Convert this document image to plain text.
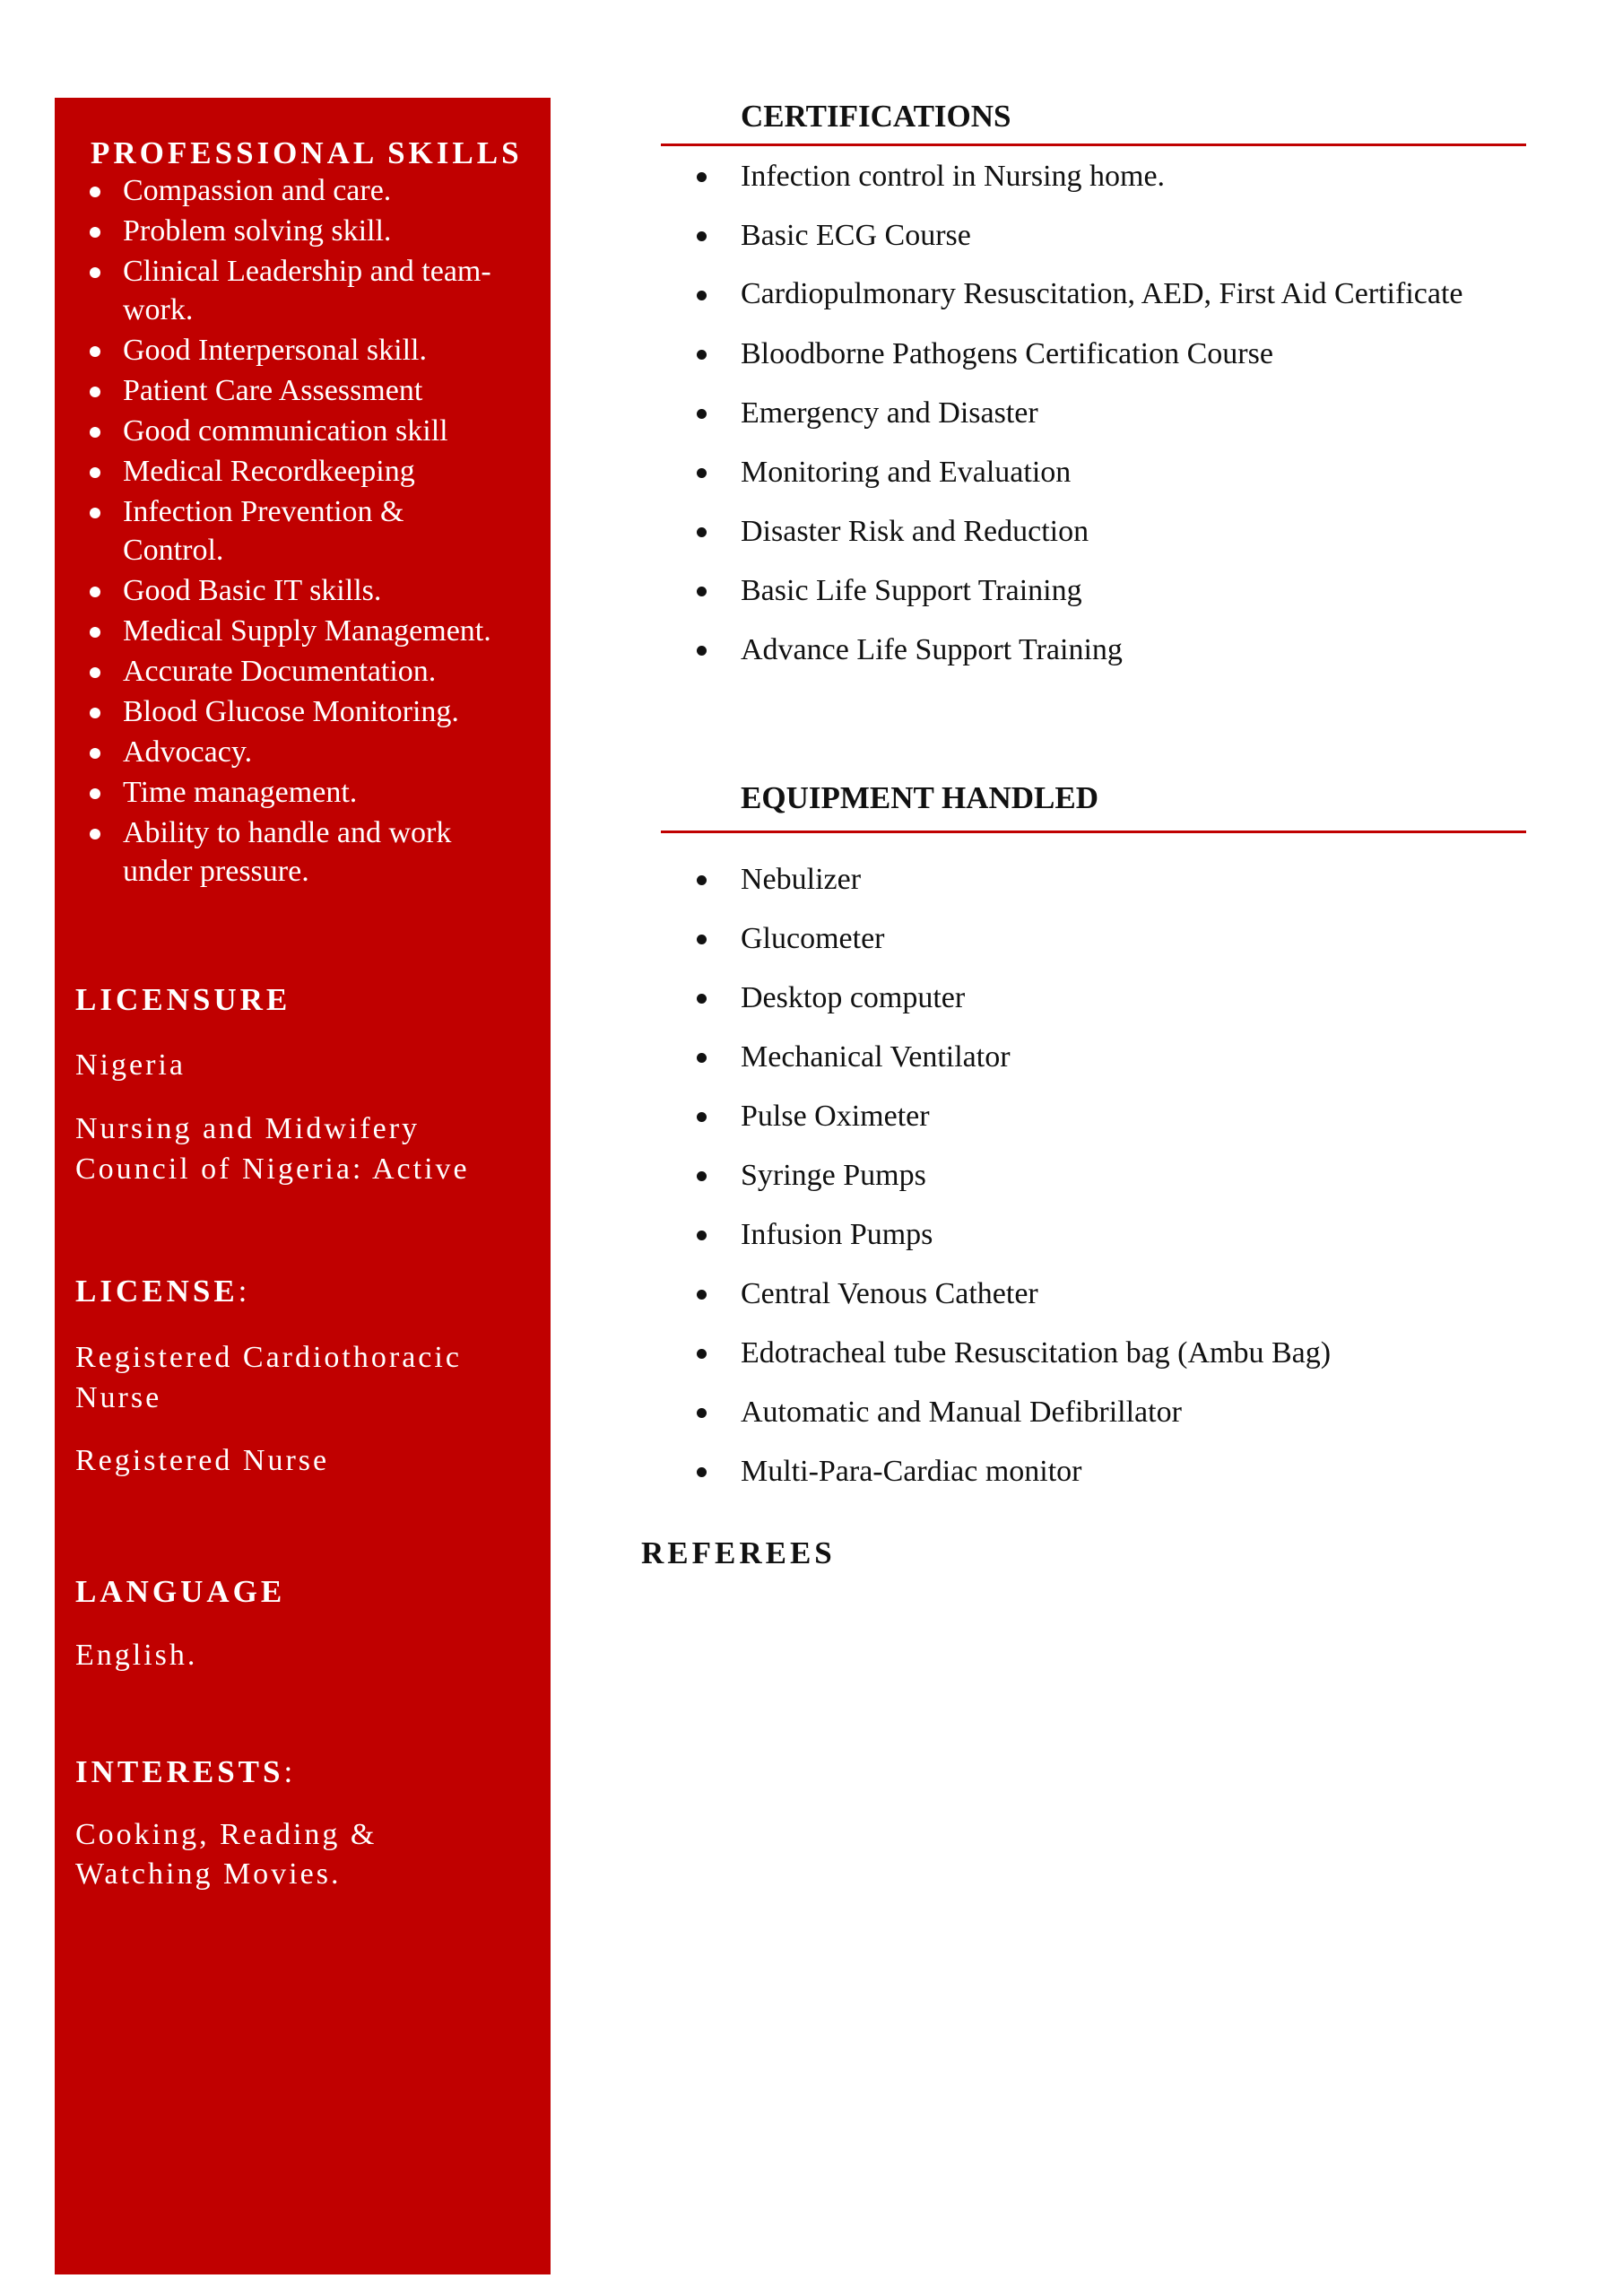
PROFESSIONAL SKILLS
Compassion and care.
Problem solving skill.
Clinical Leadership and team-work.
Good Interpersonal skill.
Patient Care Assessment
Good communication skill
Medical Recordkeeping
Infection Prevention & Control.
Good Basic IT skills.
Medical Supply Management.
Accurate Documentation.
Blood Glucose Monitoring.
Advocacy.
Time management.
Ability to handle and work under pressure.
LICENSURE
Nigeria
Nursing and Midwifery
Council of Nigeria: Active
LICENSE:
Registered Cardiothoracic
Nurse
Registered Nurse
LANGUAGE
English.
INTERESTS:
Cooking, Reading &
Watching Movies.
CERTIFICATIONS
Infection control in Nursing home.
Basic ECG Course
Cardiopulmonary Resuscitation, AED, First Aid Certificate
Bloodborne Pathogens Certification Course
Emergency and Disaster
Monitoring and Evaluation
Disaster Risk and Reduction
Basic Life Support Training
Advance Life Support Training
EQUIPMENT HANDLED
Nebulizer
Glucometer
Desktop computer
Mechanical Ventilator
Pulse Oximeter
Syringe Pumps
Infusion Pumps
Central Venous Catheter
Edotracheal tube Resuscitation bag (Ambu Bag)
Automatic and Manual Defibrillator
Multi-Para-Cardiac monitor
REFEREES
